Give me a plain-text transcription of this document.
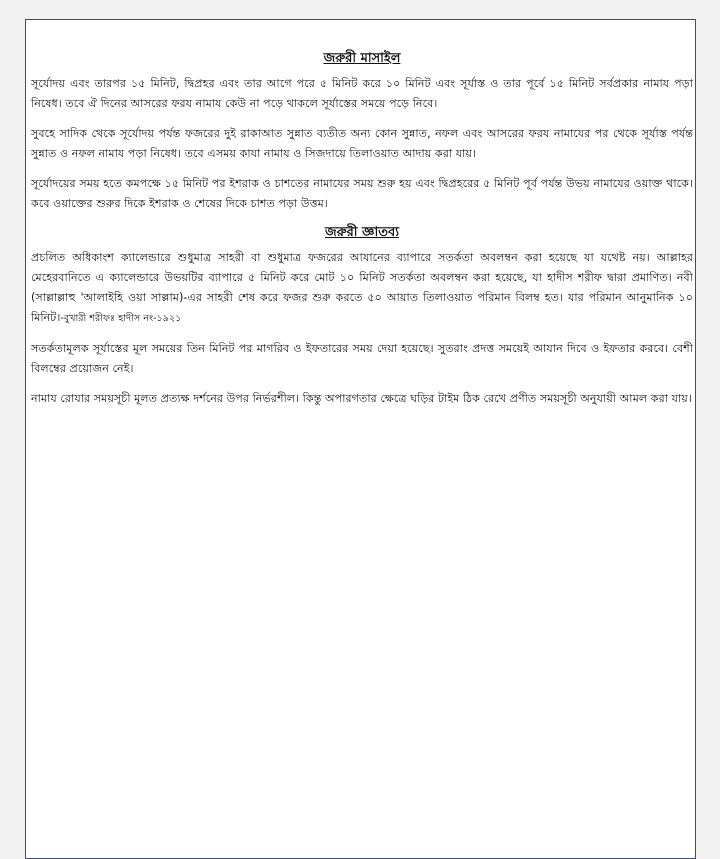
জরুরী মাসাইল

সূর্যোদয় এবং তারপর ১৫ মিনিট, দ্বিপ্রহর এবং তার আগে পরে ৫ মিনিট করে ১০ মিনিট এবং সূর্যাস্ত ও তার পূর্বে ১৫ মিনিট সর্বপ্রকার নামায পড়া নিষেধ। তবে ঐ দিনের আসরের ফরয নামায কেউ না পড়ে থাকলে সূর্যাস্তের সময়ে পড়ে নিবে।

সুবহে সাদিক থেকে সূর্যোদয় পর্যন্ত ফজরের দুই রাকাআত সুন্নাত ব্যতীত অন্য কোন সুন্নাত, নফল এবং আসরের ফরয নামাযের পর থেকে সূর্যাস্ত পর্যন্ত সুন্নাত ও নফল নামায পড়া নিষেধ। তবে এসময় কাযা নামায ও সিজদায়ে তিলাওয়াত আদায় করা যায়।

সূর্যোদয়ের সময় হতে কমপক্ষে ১৫ মিনিট পর ইশরাক ও চাশতের নামাযের সময় শুরু হয় এবং দ্বিপ্রহরের ৫ মিনিট পূর্ব পর্যন্ত উভয় নামাযের ওয়াক্ত থাকে। কবে ওয়াক্তের শুরুর দিকে ইশরাক ও শেষের দিকে চাশত পড়া উত্তম।

জরুরী জ্ঞাতব্য

প্রচলিত অধিকাংশ ক্যালেন্ডারে শুধুমাত্র সাহরী বা শুধুমাত্র ফজরের আযানের ব্যাপারে সতর্কতা অবলম্বন করা হয়েছে যা যথেষ্ট নয়। আল্লাহর মেহেরবানিতে এ ক্যালেন্ডারে উভয়টির ব্যাপারে ৫ মিনিট করে মোট ১০ মিনিট সতর্কতা অবলম্বন করা হয়েছে, যা হাদীস শরীফ দ্বারা প্রমাণিত। নবী (সাল্লাল্লাহু 'আলাইহি ওয়া সাল্লাম)-এর সাহরী শেষ করে ফজর শুরু করতে ৫০ আয়াত তিলাওয়াত পরিমান বিলম্ব হত। যার পরিমান আনুমানিক ১০ মিনিট।-বুখারী শরীফঃ হাদীস নং-১৯২১

সতর্কতামূলক সূর্যাস্তের মূল সময়ের তিন মিনিট পর মাগরিব ও ইফতারের সময় দেয়া হয়েছে। সুতরাং প্রদত্ত সময়েই আযান দিবে ও ইফতার করবে। বেশী বিলম্বের প্রয়োজন নেই।

নামায রোযার সময়সূচী মূলত প্রত্যক্ষ দর্শনের উপর নির্ভরশীল। কিন্তু অপারগতার ক্ষেত্রে ঘড়ির টাইম ঠিক রেখে প্রণীত সময়সূচী অনুযায়ী আমল করা যায়।
